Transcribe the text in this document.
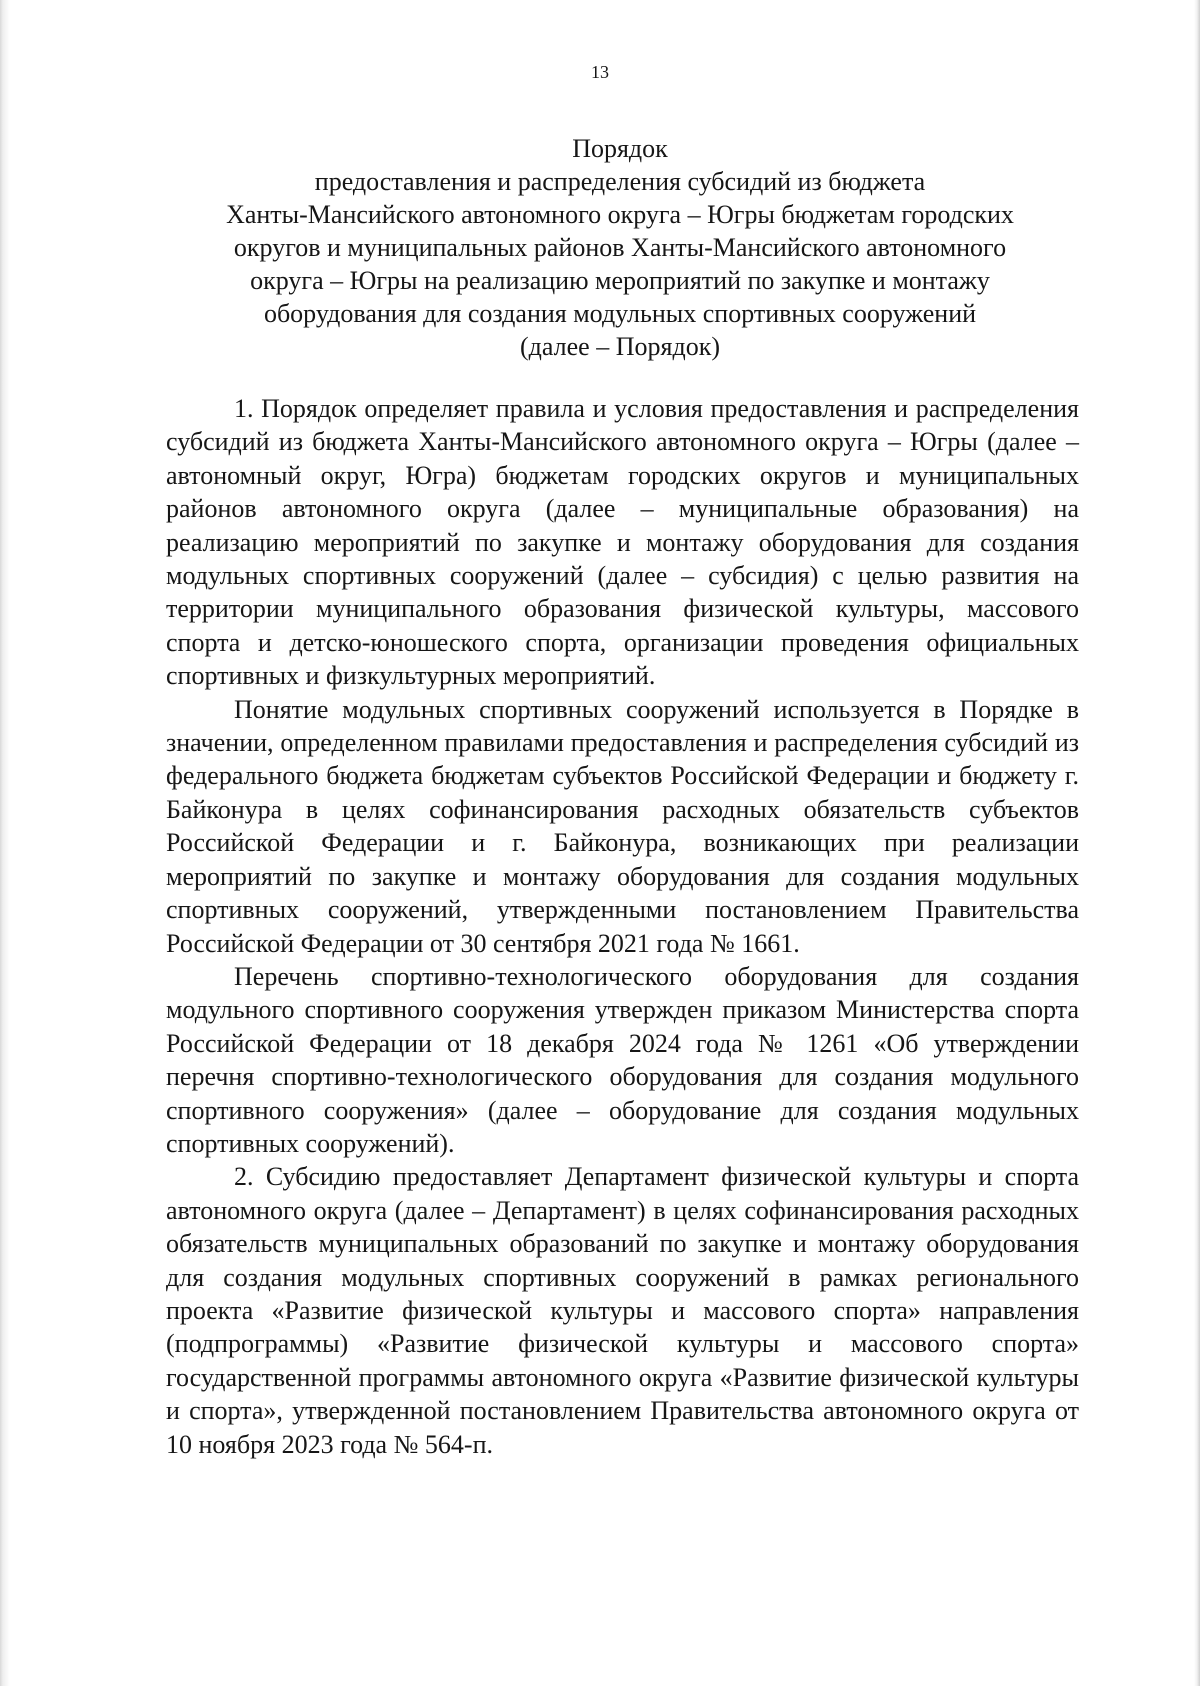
13
Порядок
предоставления и распределения субсидий из бюджета
Ханты-Мансийского автономного округа – Югры бюджетам городских
округов и муниципальных районов Ханты-Мансийского автономного
округа – Югры на реализацию мероприятий по закупке и монтажу
оборудования для создания модульных спортивных сооружений
(далее – Порядок)

1. Порядок определяет правила и условия предоставления и распределения субсидий из бюджета Ханты-Мансийского автономного округа – Югры (далее – автономный округ, Югра) бюджетам городских округов и муниципальных районов автономного округа (далее – муниципальные образования) на реализацию мероприятий по закупке и монтажу оборудования для создания модульных спортивных сооружений (далее – субсидия) с целью развития на территории муниципального образования физической культуры, массового спорта и детско-юношеского спорта, организации проведения официальных спортивных и физкультурных мероприятий.

Понятие модульных спортивных сооружений используется в Порядке в значении, определенном правилами предоставления и распределения субсидий из федерального бюджета бюджетам субъектов Российской Федерации и бюджету г. Байконура в целях софинансирования расходных обязательств субъектов Российской Федерации и г. Байконура, возникающих при реализации мероприятий по закупке и монтажу оборудования для создания модульных спортивных сооружений, утвержденными постановлением Правительства Российской Федерации от 30 сентября 2021 года № 1661.

Перечень спортивно-технологического оборудования для создания модульного спортивного сооружения утвержден приказом Министерства спорта Российской Федерации от 18 декабря 2024 года № 1261 «Об утверждении перечня спортивно-технологического оборудования для создания модульного спортивного сооружения» (далее – оборудование для создания модульных спортивных сооружений).

2. Субсидию предоставляет Департамент физической культуры и спорта автономного округа (далее – Департамент) в целях софинансирования расходных обязательств муниципальных образований по закупке и монтажу оборудования для создания модульных спортивных сооружений в рамках регионального проекта «Развитие физической культуры и массового спорта» направления (подпрограммы) «Развитие физической культуры и массового спорта» государственной программы автономного округа «Развитие физической культуры и спорта», утвержденной постановлением Правительства автономного округа от 10 ноября 2023 года № 564-п.
